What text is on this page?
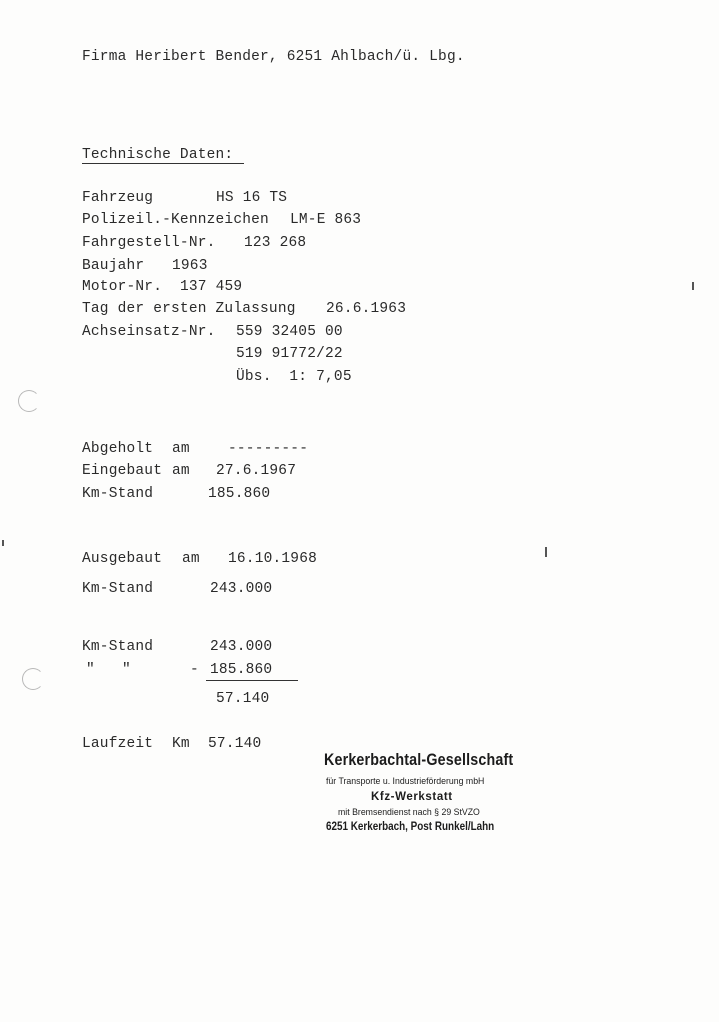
Firma Heribert Bender, 6251 Ahlbach/ü. Lbg.
Technische Daten:
Fahrzeug	HS 16 TS
Polizeil.-Kennzeichen LM-E 863
Fahrgestell-Nr. 123 268
Baujahr 1963
Motor-Nr. 137 459
Tag der ersten Zulassung 26.6.1963
Achseinsatz-Nr. 559 32405 00
519 91772/22
Übs.  1: 7,05
Abgeholt am	---------
Eingebaut am 27.6.1967
Km-Stand	185.860
Ausgebaut am 16.10.1968
Km-Stand	243.000
Km-Stand	243.000
" "	- 185.860
57.140
Laufzeit Km 57.140
Kerkerbachtal-Gesellschaft
für Transporte u. Industrieförderung mbH
Kfz-Werkstatt
mit Bremsendienst nach § 29 StVZO
6251 Kerkerbach, Post Runkel/Lahn
